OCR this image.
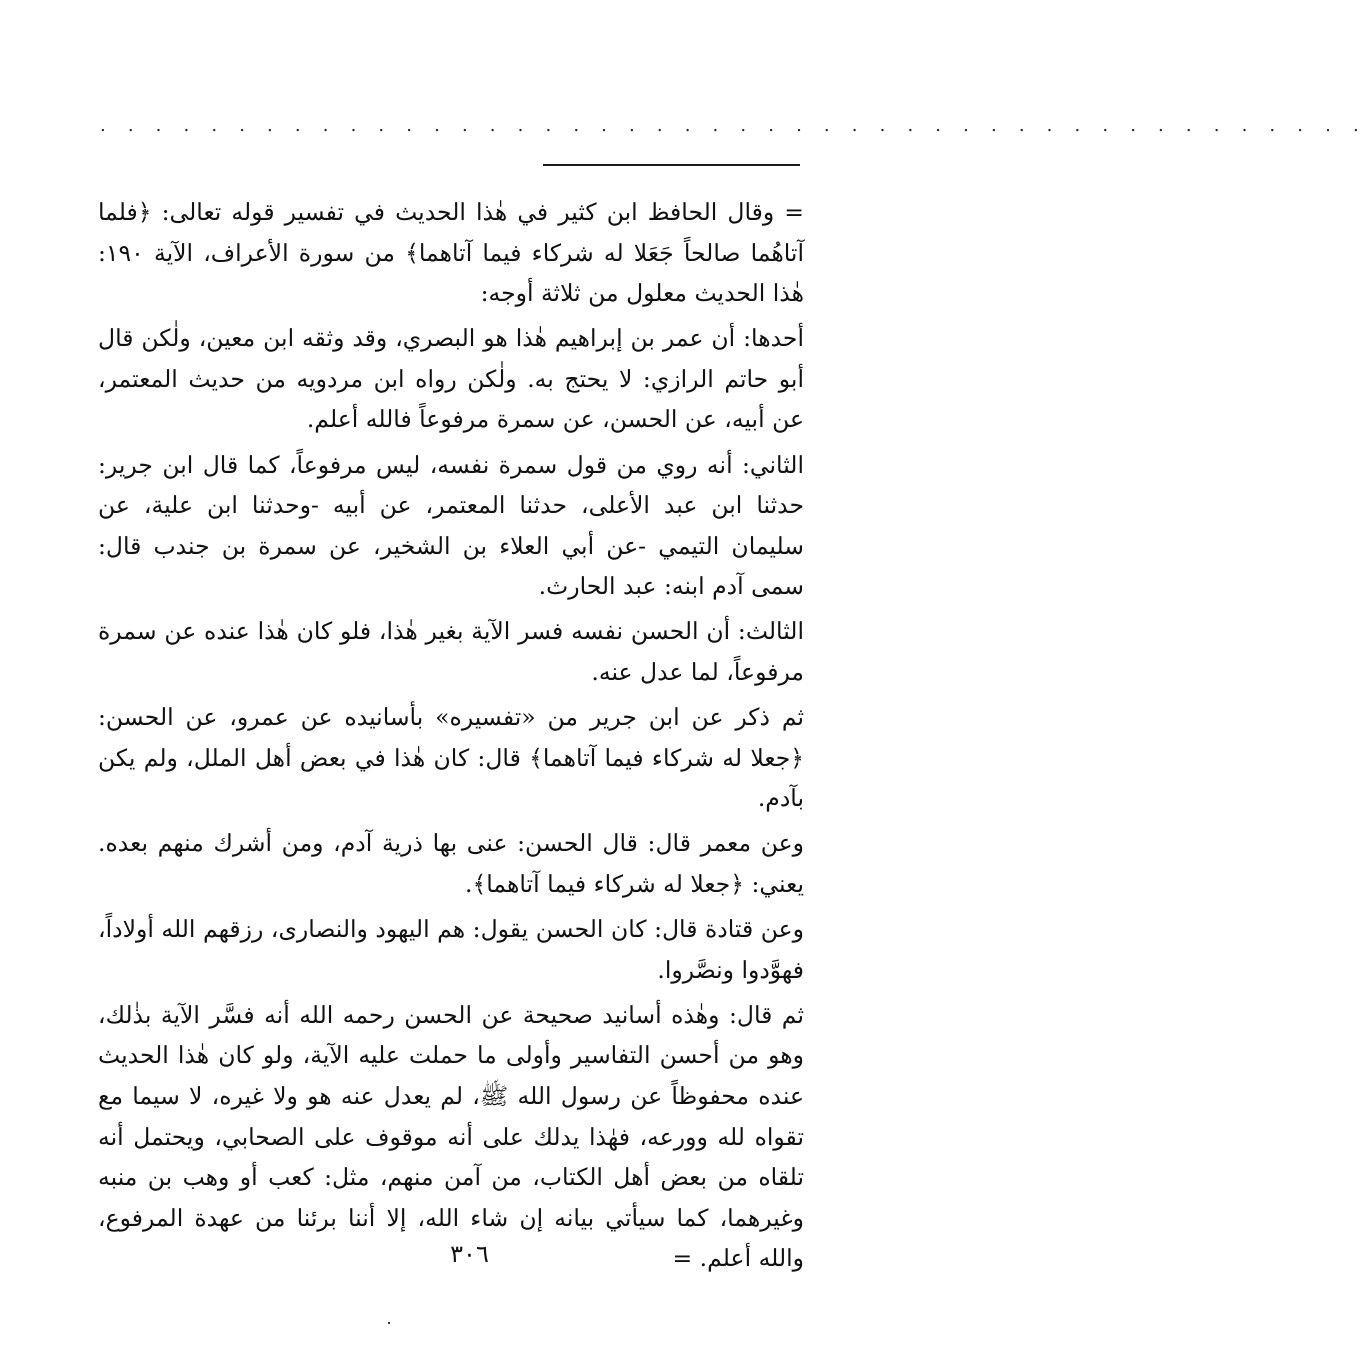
. . . . . . . . . . . . . . . . . . . . . . . . . . . . . . . . . . . . . . . . . . . . . .

= وقال الحافظ ابن كثير في هٰذا الحديث في تفسير قوله تعالى: ﴿فلما آتاهُما صالحاً جَعَلا له شركاء فيما آتاهما﴾ من سورة الأعراف، الآية ١٩٠: هٰذا الحديث معلول من ثلاثة أوجه:

أحدها: أن عمر بن إبراهيم هٰذا هو البصري، وقد وثقه ابن معين، ولٰكن قال أبو حاتم الرازي: لا يحتج به. ولٰكن رواه ابن مردويه من حديث المعتمر، عن أبيه، عن الحسن، عن سمرة مرفوعاً فالله أعلم.

الثاني: أنه روي من قول سمرة نفسه، ليس مرفوعاً، كما قال ابن جرير: حدثنا ابن عبد الأعلى، حدثنا المعتمر، عن أبيه -وحدثنا ابن علية، عن سليمان التيمي -عن أبي العلاء بن الشخير، عن سمرة بن جندب قال: سمى آدم ابنه: عبد الحارث.

الثالث: أن الحسن نفسه فسر الآية بغير هٰذا، فلو كان هٰذا عنده عن سمرة مرفوعاً، لما عدل عنه.

ثم ذكر عن ابن جرير من «تفسيره» بأسانيده عن عمرو، عن الحسن: ﴿جعلا له شركاء فيما آتاهما﴾ قال: كان هٰذا في بعض أهل الملل، ولم يكن بآدم.

وعن معمر قال: قال الحسن: عنى بها ذرية آدم، ومن أشرك منهم بعده. يعني: ﴿جعلا له شركاء فيما آتاهما﴾.

وعن قتادة قال: كان الحسن يقول: هم اليهود والنصارى، رزقهم الله أولاداً، فهوَّدوا ونصَّروا.

ثم قال: وهٰذه أسانيد صحيحة عن الحسن رحمه الله أنه فسَّر الآية بذٰلك، وهو من أحسن التفاسير وأولى ما حملت عليه الآية، ولو كان هٰذا الحديث عنده محفوظاً عن رسول الله ﷺ، لم يعدل عنه هو ولا غيره، لا سيما مع تقواه لله وورعه، فهٰذا يدلك على أنه موقوف على الصحابي، ويحتمل أنه تلقاه من بعض أهل الكتاب، من آمن منهم، مثل: كعب أو وهب بن منبه وغيرهما، كما سيأتي بيانه إن شاء الله، إلا أننا برئنا من عهدة المرفوع، والله أعلم. =

٣٠٦
